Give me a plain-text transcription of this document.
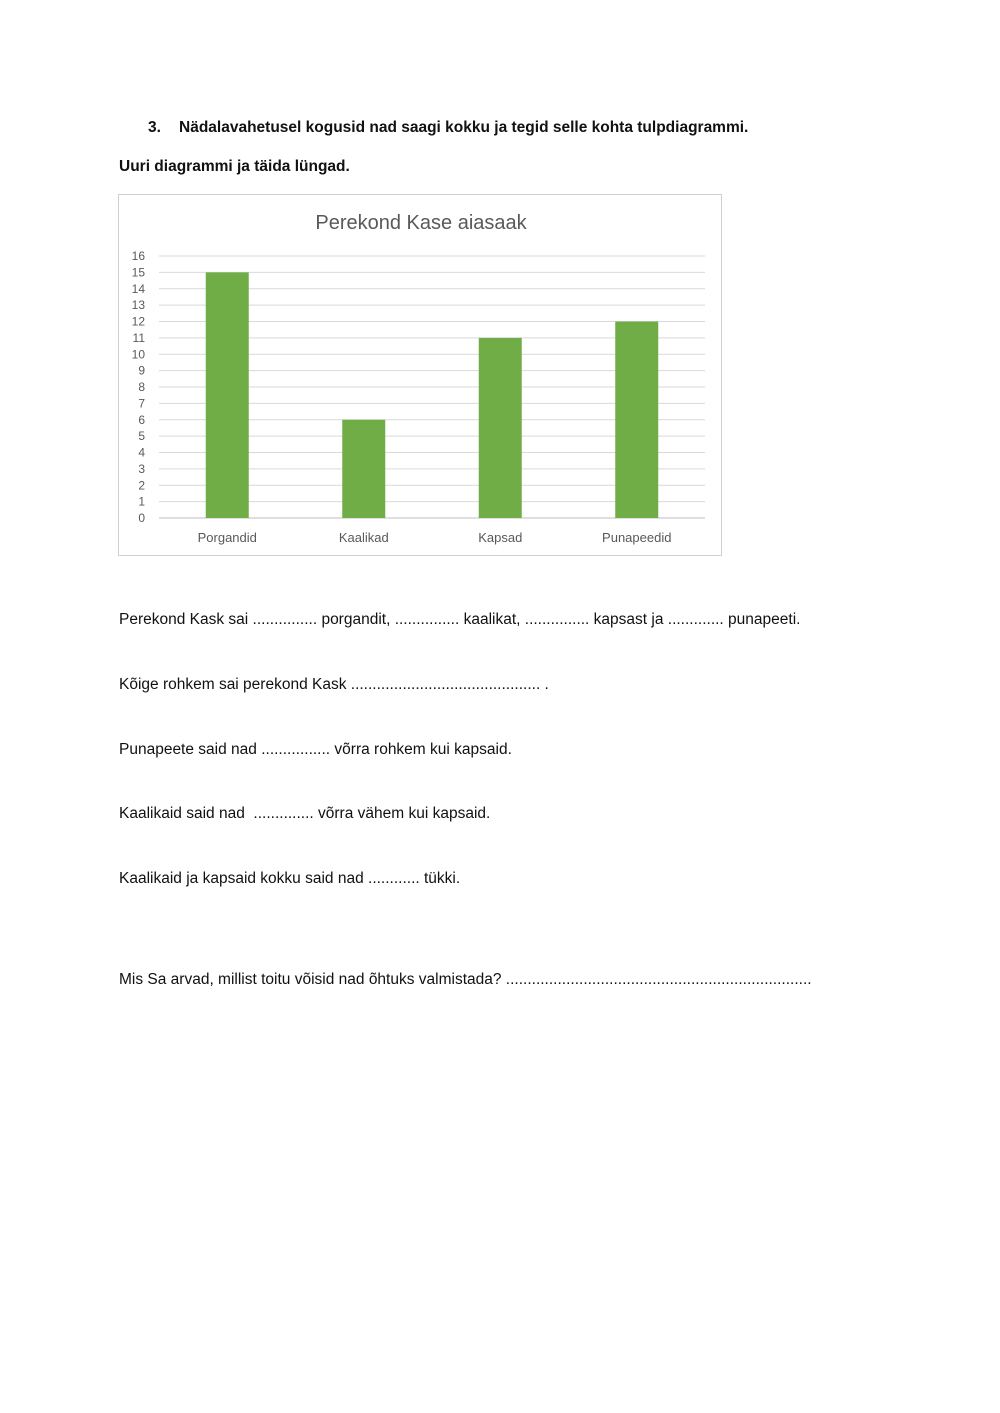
3. Nädalavahetusel kogusid nad saagi kokku ja tegid selle kohta tulpdiagrammi.

Uuri diagrammi ja täida lüngad.

Perekond Kase aiasaak
0
1
2
3
4
5
6
7
8
9
10
11
12
13
14
15
16
Porgandid	Kaalikad	Kapsad	Punapeedid

Perekond Kask sai ............... porgandit, ............... kaalikat, ............... kapsast ja ............. punapeeti.

Kõige rohkem sai perekond Kask ............................................ .

Punapeete said nad ................ võrra rohkem kui kapsaid.

Kaalikaid said nad  .............. võrra vähem kui kapsaid.

Kaalikaid ja kapsaid kokku said nad ............ tükki.

Mis Sa arvad, millist toitu võisid nad õhtuks valmistada? .......................................................................
